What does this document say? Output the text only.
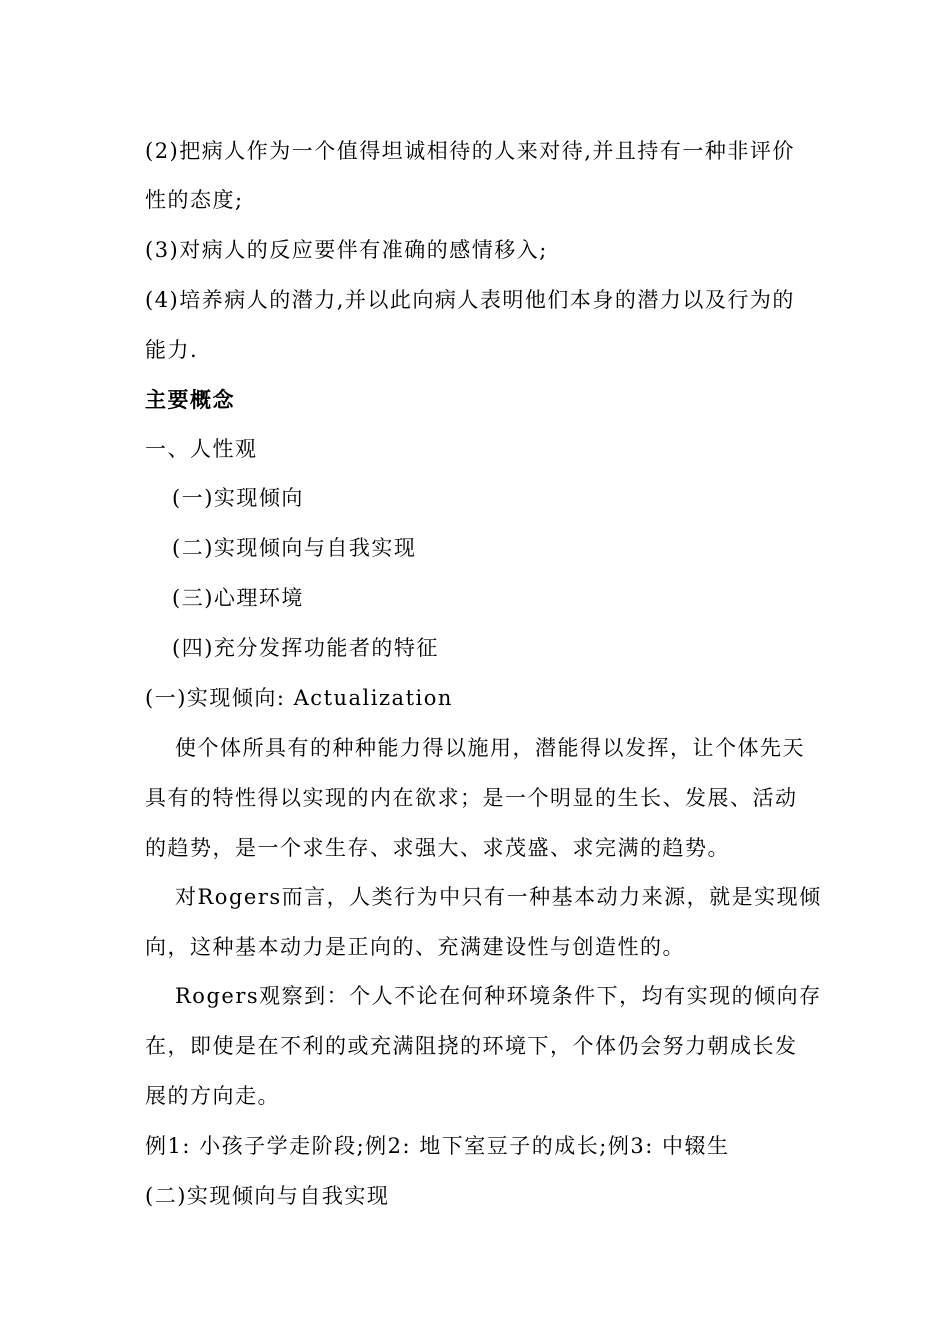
(2)把病人作为一个值得坦诚相待的人来对待,并且持有一种非评价
性的态度;
(3)对病人的反应要伴有准确的感情移入;
(4)培养病人的潜力,并以此向病人表明他们本身的潜力以及行为的
能力.
主要概念
一、人性观
(一)实现倾向
(二)实现倾向与自我实现
(三)心理环境
(四)充分发挥功能者的特征
(一)实现倾向: Actualization
使个体所具有的种种能力得以施用，潜能得以发挥，让个体先天
具有的特性得以实现的内在欲求；是一个明显的生长、发展、活动
的趋势，是一个求生存、求强大、求茂盛、求完满的趋势。
对Rogers而言，人类行为中只有一种基本动力来源，就是实现倾
向，这种基本动力是正向的、充满建设性与创造性的。
Rogers观察到：个人不论在何种环境条件下，均有实现的倾向存
在，即使是在不利的或充满阻挠的环境下，个体仍会努力朝成长发
展的方向走。
例1: 小孩子学走阶段;例2: 地下室豆子的成长;例3: 中辍生
(二)实现倾向与自我实现
